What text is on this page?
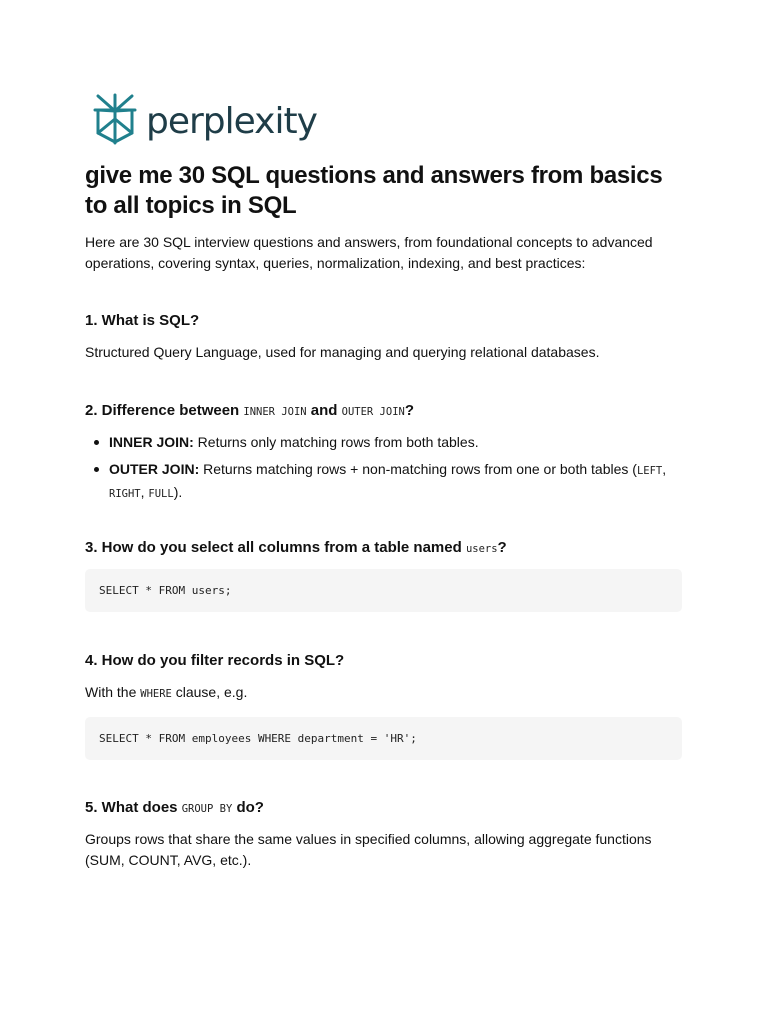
perplexity
give me 30 SQL questions and answers from basics to all topics in SQL

Here are 30 SQL interview questions and answers, from foundational concepts to advanced operations, covering syntax, queries, normalization, indexing, and best practices:

1. What is SQL?

Structured Query Language, used for managing and querying relational databases.

2. Difference between INNER JOIN and OUTER JOIN?
INNER JOIN: Returns only matching rows from both tables.
OUTER JOIN: Returns matching rows + non-matching rows from one or both tables (LEFT, RIGHT, FULL).
3. How do you select all columns from a table named users?
SELECT * FROM users;
4. How do you filter records in SQL?

With the WHERE clause, e.g.

SELECT * FROM employees WHERE department = 'HR';
5. What does GROUP BY do?

Groups rows that share the same values in specified columns, allowing aggregate functions (SUM, COUNT, AVG, etc.).
